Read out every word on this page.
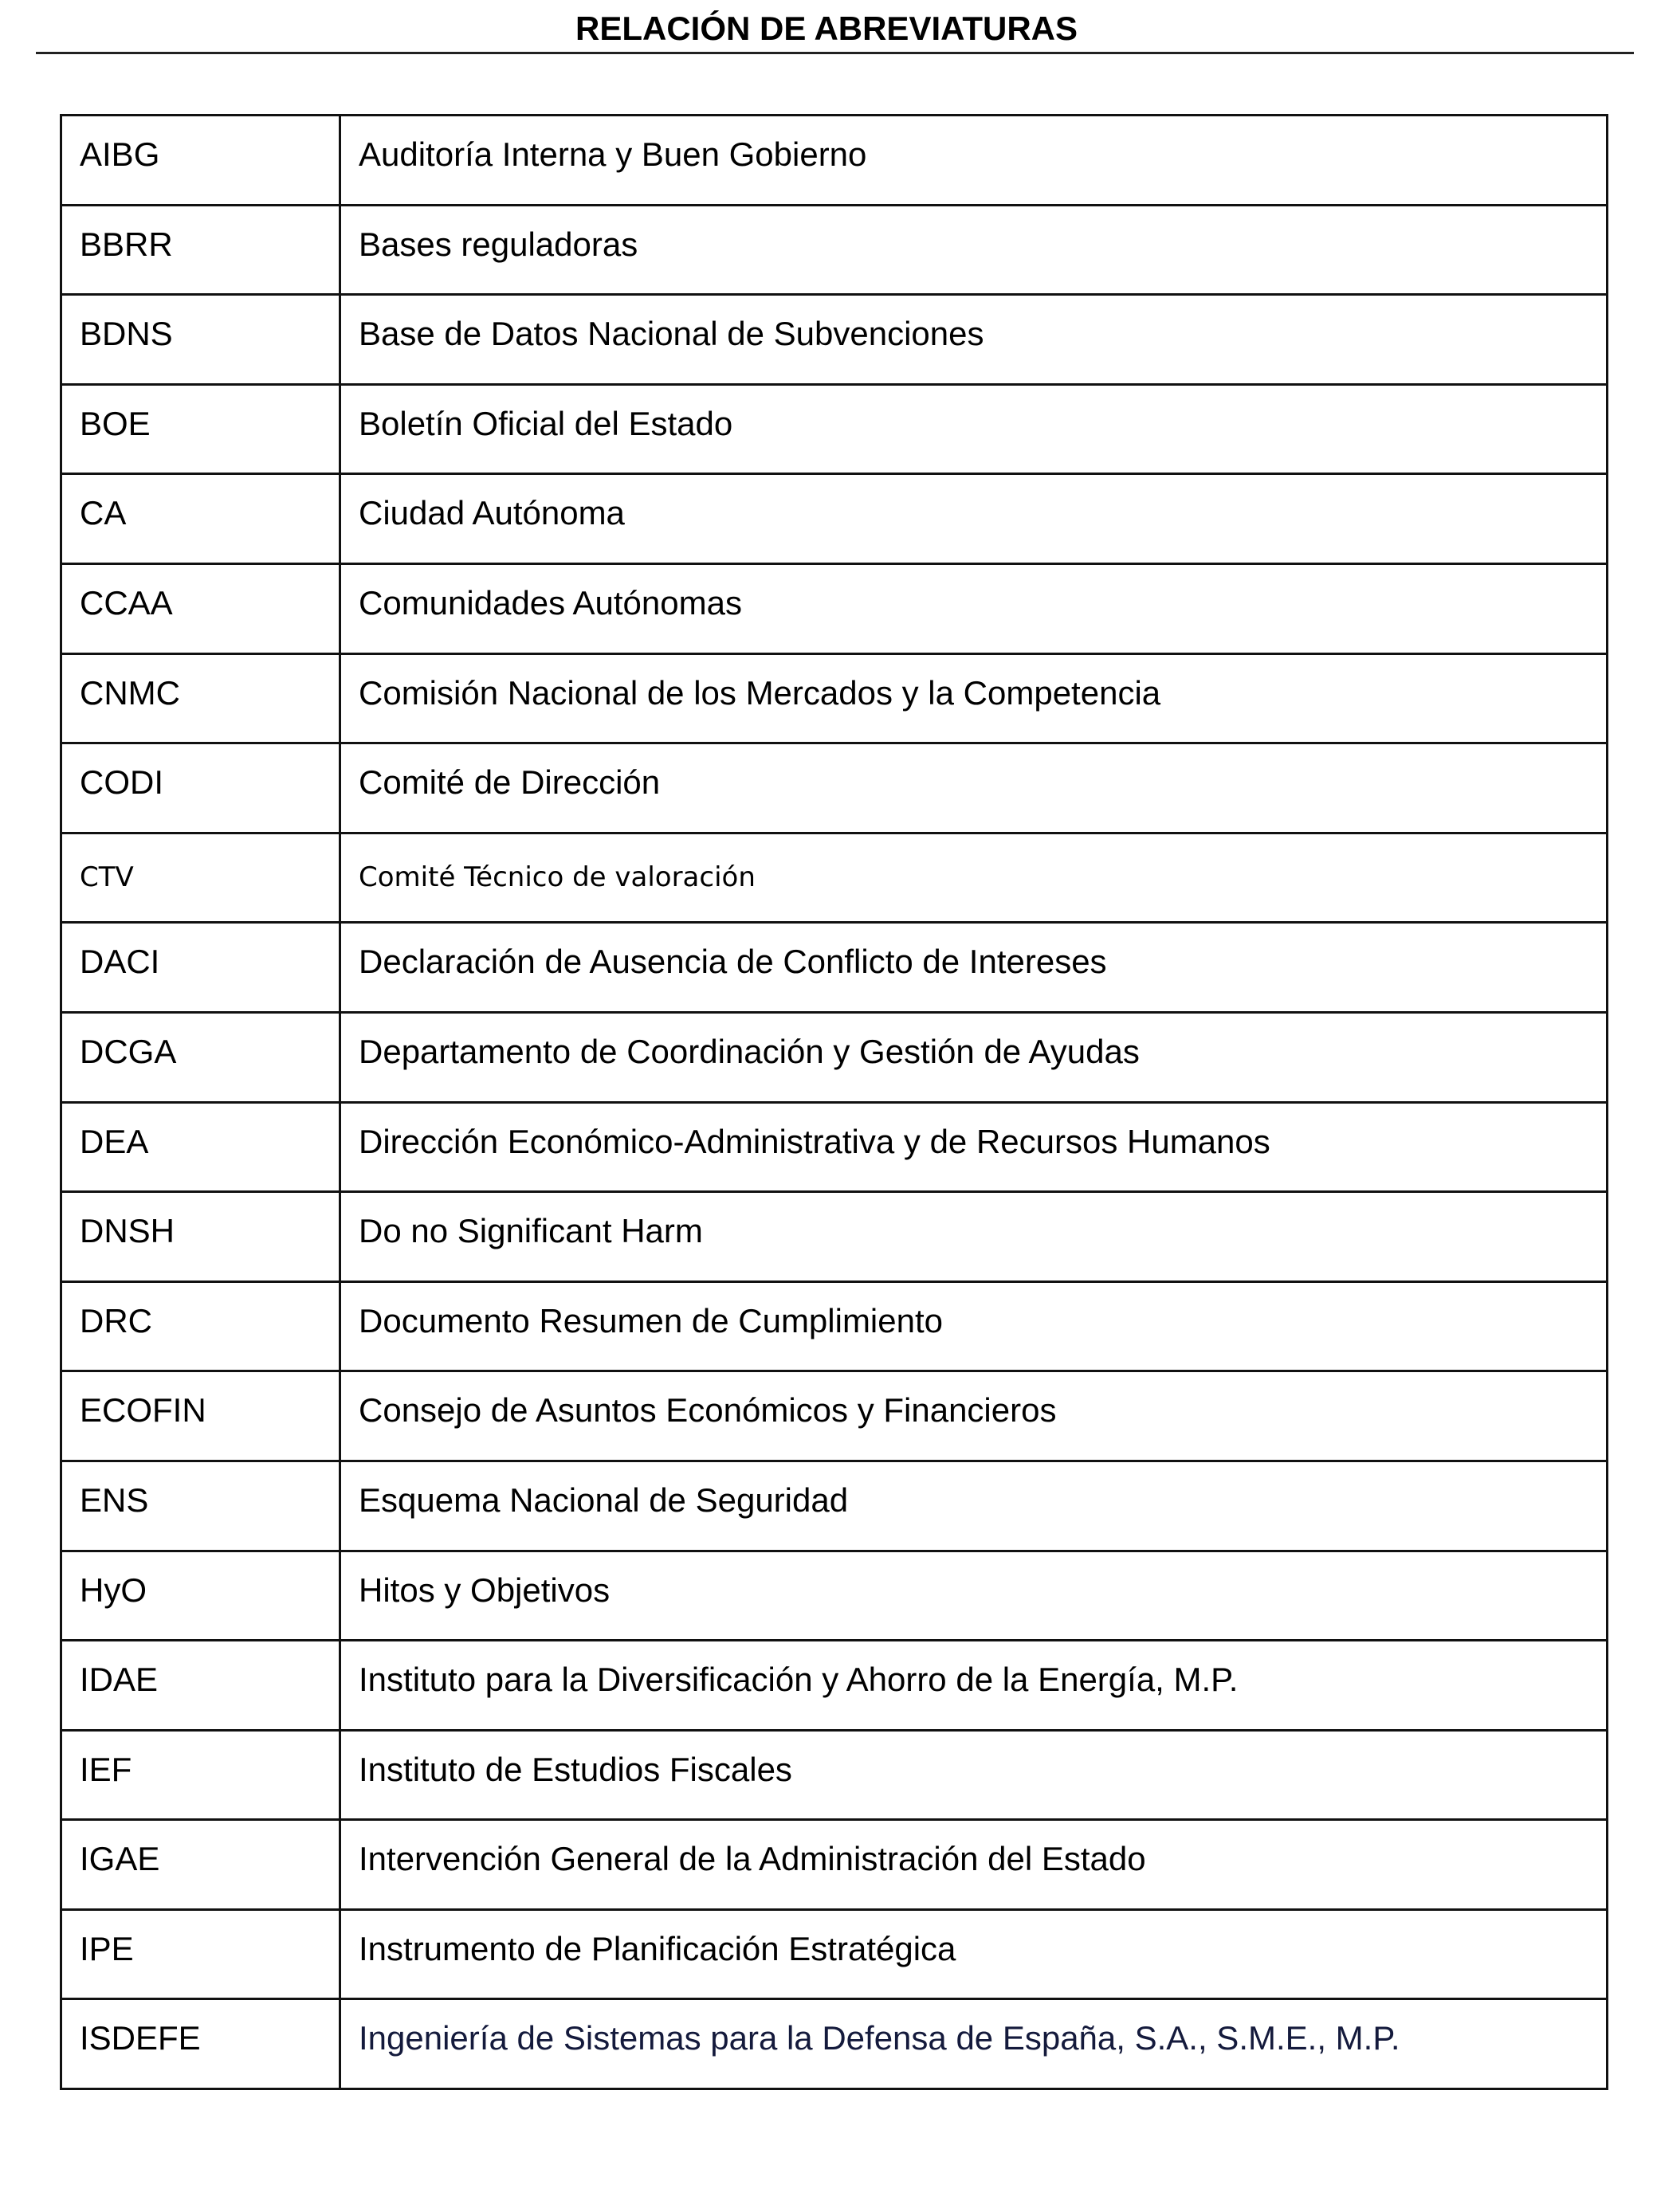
RELACIÓN DE ABREVIATURAS
AIBG	Auditoría Interna y Buen Gobierno
BBRR	Bases reguladoras
BDNS	Base de Datos Nacional de Subvenciones
BOE	Boletín Oficial del Estado
CA	Ciudad Autónoma
CCAA	Comunidades Autónomas
CNMC	Comisión Nacional de los Mercados y la Competencia
CODI	Comité de Dirección
CTV	Comité Técnico de valoración
DACI	Declaración de Ausencia de Conflicto de Intereses
DCGA	Departamento de Coordinación y Gestión de Ayudas
DEA	Dirección Económico-Administrativa y de Recursos Humanos
DNSH	Do no Significant Harm
DRC	Documento Resumen de Cumplimiento
ECOFIN	Consejo de Asuntos Económicos y Financieros
ENS	Esquema Nacional de Seguridad
HyO	Hitos y Objetivos
IDAE	Instituto para la Diversificación y Ahorro de la Energía, M.P.
IEF	Instituto de Estudios Fiscales
IGAE	Intervención General de la Administración del Estado
IPE	Instrumento de Planificación Estratégica
ISDEFE	Ingeniería de Sistemas para la Defensa de España, S.A., S.M.E., M.P.
